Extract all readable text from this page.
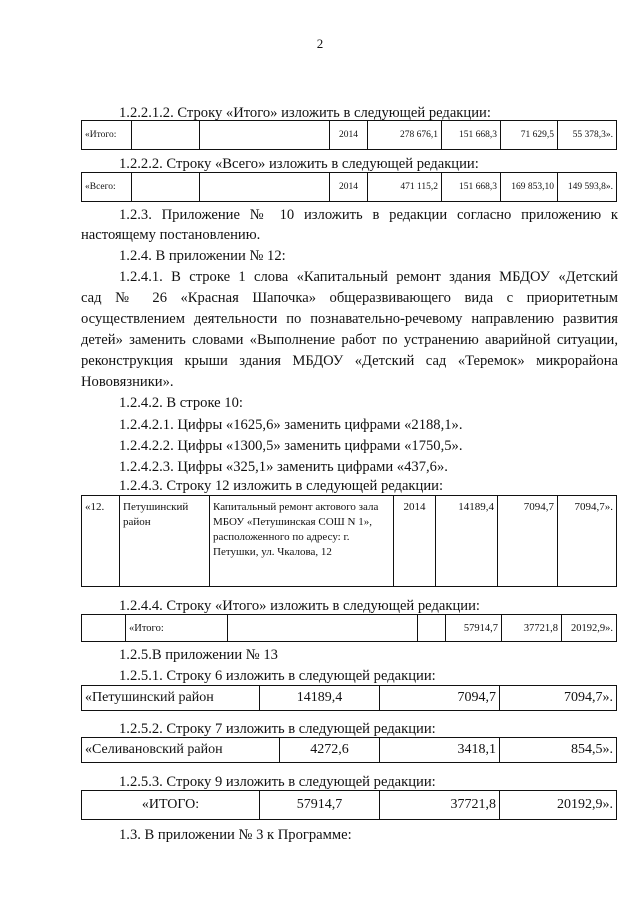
2
1.2.2.1.2. Строку «Итого» изложить в следующей редакции:
«Итого:			2014	278 676,1	151 668,3	71 629,5	55 378,3».
1.2.2.2. Строку «Всего» изложить в следующей редакции:
«Всего:			2014	471 115,2	151 668,3	169 853,10	149 593,8».
1.2.3. Приложение № 10 изложить в редакции согласно приложению к
настоящему постановлению.
1.2.4. В приложении № 12:
1.2.4.1. В строке 1 слова «Капитальный ремонт здания МБДОУ «Детский
сад № 26 «Красная Шапочка» общеразвивающего вида с приоритетным
осуществлением деятельности по познавательно-речевому направлению развития
детей» заменить словами «Выполнение работ по устранению аварийной ситуации,
реконструкция крыши здания МБДОУ «Детский сад «Теремок» микрорайона
Нововязники».
1.2.4.2. В строке 10:
1.2.4.2.1. Цифры «1625,6» заменить цифрами «2188,1».
1.2.4.2.2. Цифры «1300,5» заменить цифрами «1750,5».
1.2.4.2.3. Цифры «325,1» заменить цифрами «437,6».
1.2.4.3. Строку 12 изложить в следующей редакции:
«12.	Петушинский район	Капитальный ремонт актового зала МБОУ «Петушинская СОШ N 1», расположенного по адресу: г. Петушки, ул. Чкалова, 12	2014	14189,4	7094,7	7094,7».
1.2.4.4. Строку «Итого» изложить в следующей редакции:
	«Итого:			57914,7	37721,8	20192,9».
1.2.5.В приложении № 13
1.2.5.1. Строку 6 изложить в следующей редакции:
«Петушинский район	14189,4	7094,7	7094,7».
1.2.5.2. Строку 7 изложить в следующей редакции:
«Селивановский район	4272,6	3418,1	854,5».
1.2.5.3. Строку 9 изложить в следующей редакции:
«ИТОГО:	57914,7	37721,8	20192,9».
1.3. В приложении № 3 к Программе:
